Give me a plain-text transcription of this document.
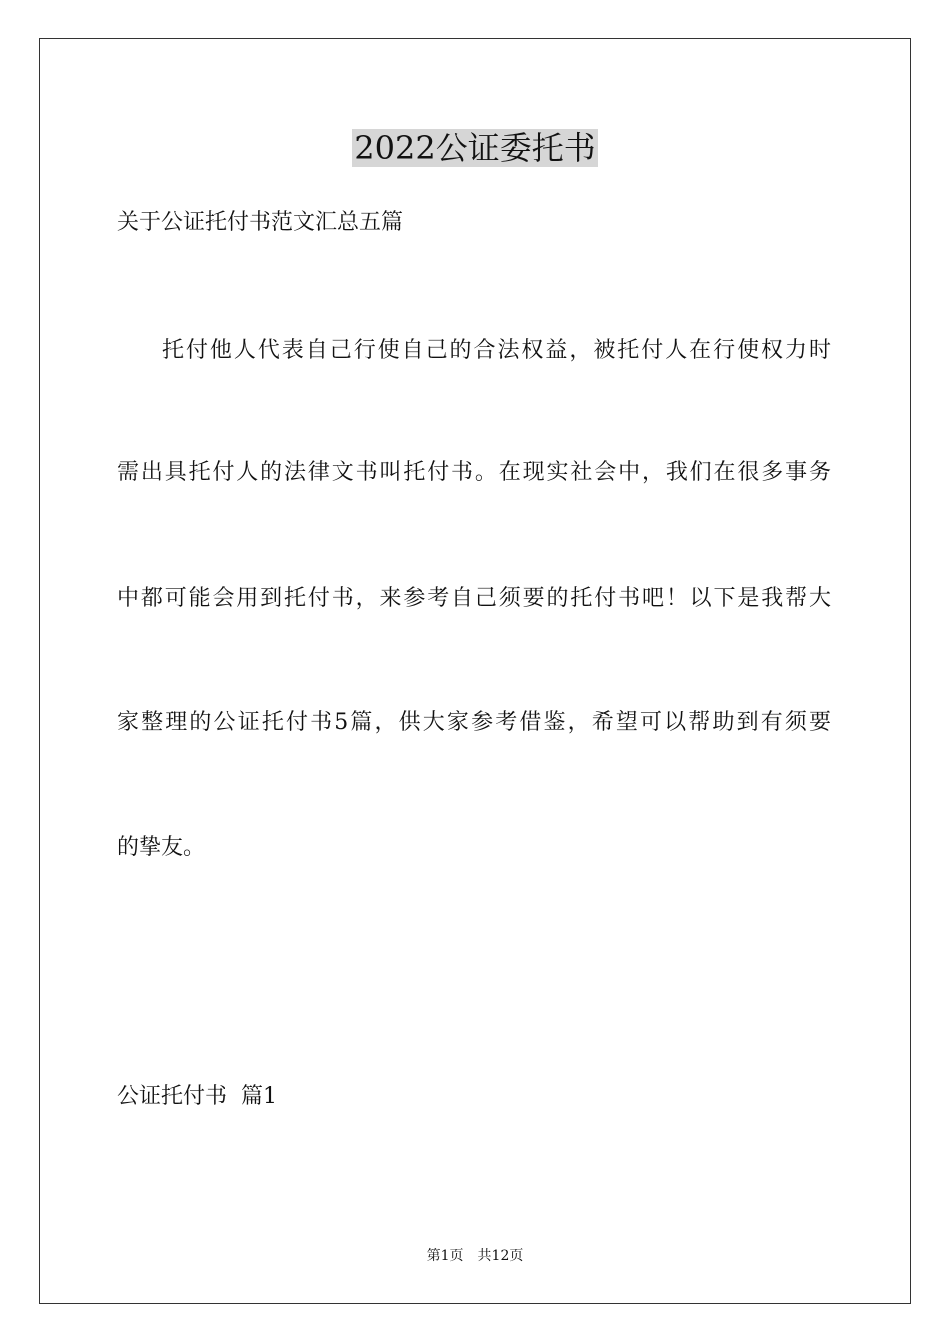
2022公证委托书
关于公证托付书范文汇总五篇
托付他人代表自己行使自己的合法权益，被托付人在行使权力时
需出具托付人的法律文书叫托付书。在现实社会中，我们在很多事务
中都可能会用到托付书，来参考自己须要的托付书吧！以下是我帮大
家整理的公证托付书5篇，供大家参考借鉴，希望可以帮助到有须要
的挚友。
公证托付书  篇1
第1页 共12页
